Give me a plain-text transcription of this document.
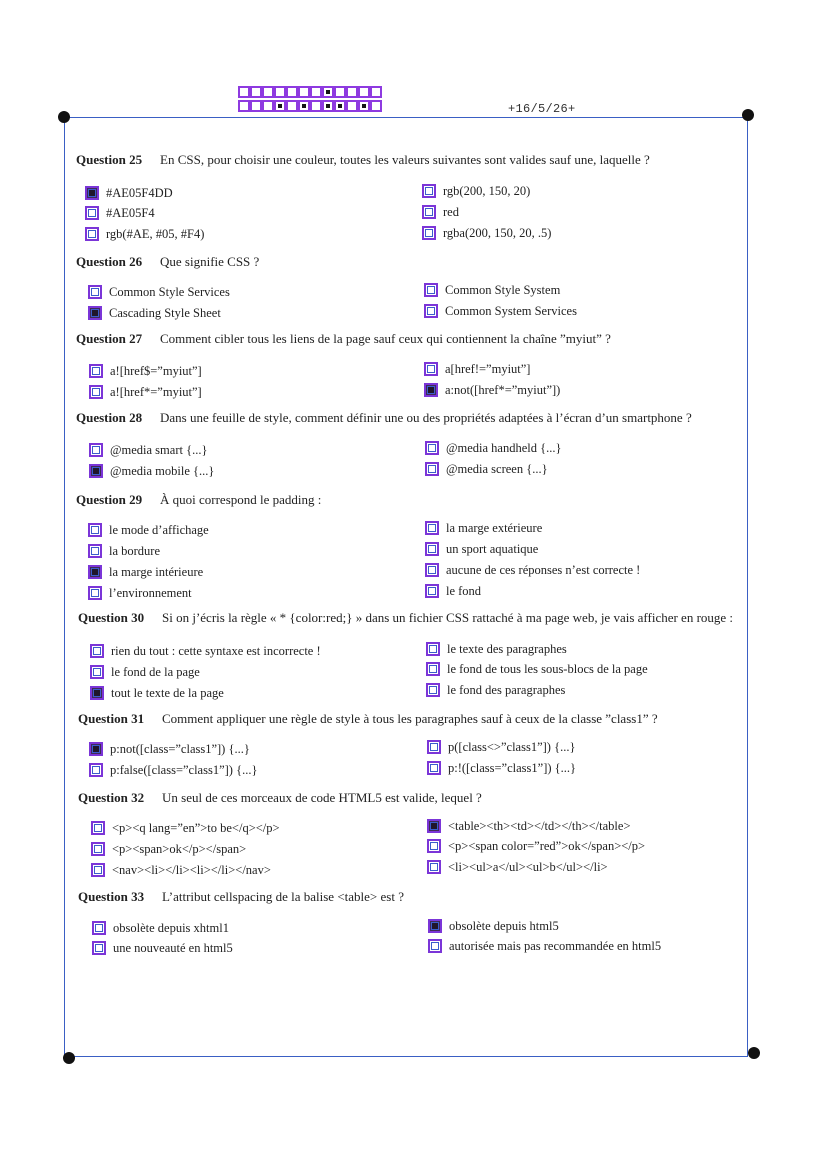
+16/5/26+
Question 25	En CSS, pour choisir une couleur, toutes les valeurs suivantes sont valides sauf une, laquelle ?
Question 26	Que signifie CSS ?
Question 27	Comment cibler tous les liens de la page sauf ceux qui contiennent la chaîne ”myiut” ?
Question 28	Dans une feuille de style, comment définir une ou des propriétés adaptées à l’écran d’un smartphone ?
Question 29	À quoi correspond le padding :
Question 30	Si on j’écris la règle « * {color:red;} » dans un fichier CSS rattaché à ma page web, je vais afficher en rouge :
Question 31	Comment appliquer une règle de style à tous les paragraphes sauf à ceux de la classe ”class1” ?
Question 32	Un seul de ces morceaux de code HTML5 est valide, lequel ?
Question 33	L’attribut cellspacing de la balise <table> est ?
#AE05F4DD
#AE05F4
rgb(#AE, #05, #F4)
rgb(200, 150, 20)
red
rgba(200, 150, 20, .5)
Common Style Services
Cascading Style Sheet
Common Style System
Common System Services
a![href$=”myiut”]
a![href*=”myiut”]
a[href!=”myiut”]
a:not([href*=”myiut”])
@media smart {...}
@media mobile {...}
@media handheld {...}
@media screen {...}
le mode d’affichage
la bordure
la marge intérieure
l’environnement
la marge extérieure
un sport aquatique
aucune de ces réponses n’est correcte !
le fond
rien du tout : cette syntaxe est incorrecte !
le fond de la page
tout le texte de la page
le texte des paragraphes
le fond de tous les sous-blocs de la page
le fond des paragraphes
p:not([class=”class1”]) {...}
p:false([class=”class1”]) {...}
p([class<>”class1”]) {...}
p:!([class=”class1”]) {...}
<p><q lang=”en”>to be</q></p>
<p><span>ok</p></span>
<nav><li></li><li></li></nav>
<table><th><td></td></th></table>
<p><span color=”red”>ok</span></p>
<li><ul>a</ul><ul>b</ul></li>
obsolète depuis xhtml1
une nouveauté en html5
obsolète depuis html5
autorisée mais pas recommandée en html5
